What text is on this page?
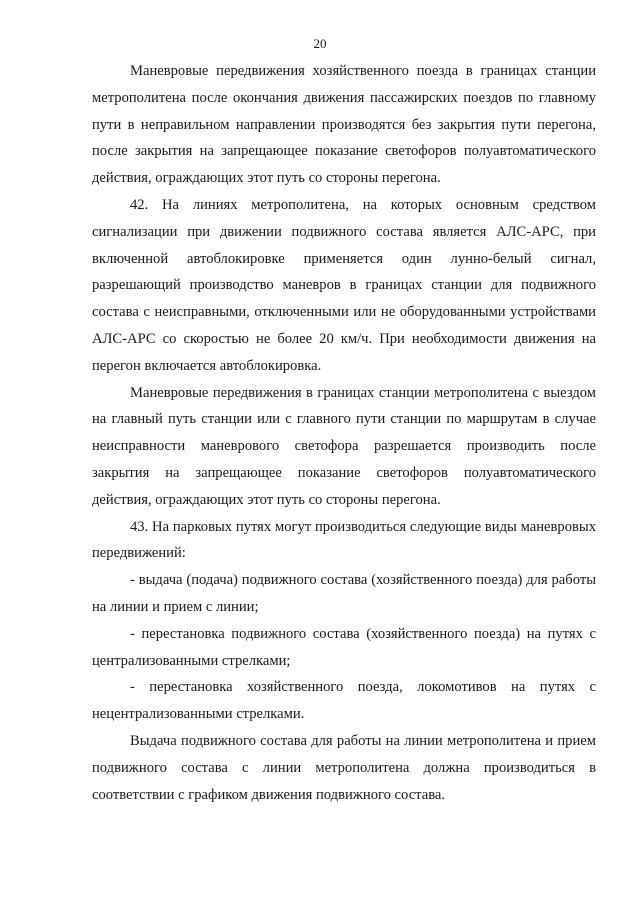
20

Маневровые передвижения хозяйственного поезда в границах станции метрополитена после окончания движения пассажирских поездов по главному пути в неправильном направлении производятся без закрытия пути перегона, после закрытия на запрещающее показание светофоров полуавтоматического действия, ограждающих этот путь со стороны перегона.

42. На линиях метрополитена, на которых основным средством сигнализации при движении подвижного состава является АЛС-АРС, при включенной автоблокировке применяется один лунно-белый сигнал, разрешающий производство маневров в границах станции для подвижного состава с неисправными, отключенными или не оборудованными устройствами АЛС-АРС со скоростью не более 20 км/ч. При необходимости движения на перегон включается автоблокировка.

Маневровые передвижения в границах станции метрополитена с выездом на главный путь станции или с главного пути станции по маршрутам в случае неисправности маневрового светофора разрешается производить после закрытия на запрещающее показание светофоров полуавтоматического действия, ограждающих этот путь со стороны перегона.

43. На парковых путях могут производиться следующие виды маневровых передвижений:

- выдача (подача) подвижного состава (хозяйственного поезда) для работы на линии и прием с линии;

- перестановка подвижного состава (хозяйственного поезда) на путях с централизованными стрелками;

- перестановка хозяйственного поезда, локомотивов на путях с нецентрализованными стрелками.

Выдача подвижного состава для работы на линии метрополитена и прием подвижного состава с линии метрополитена должна производиться в соответствии с графиком движения подвижного состава.
